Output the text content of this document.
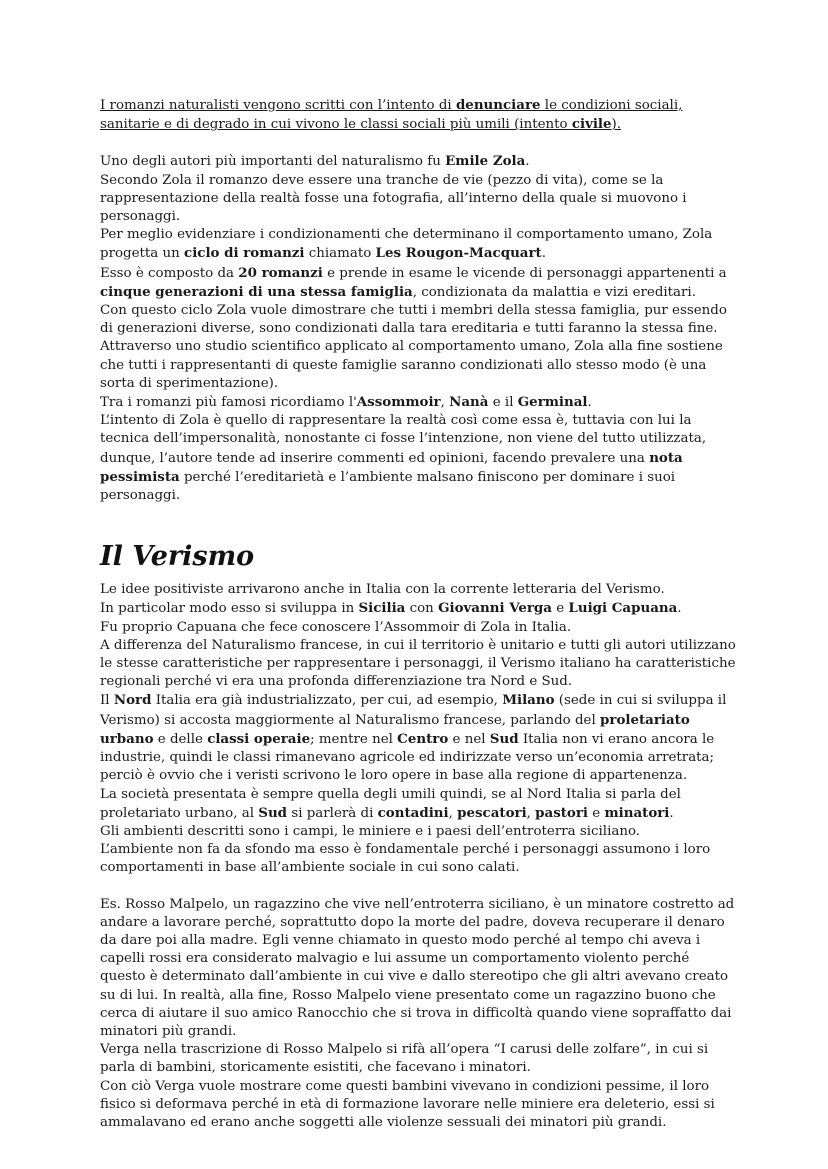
I romanzi naturalisti vengono scritti con l’intento di denunciare le condizioni sociali, sanitarie e di degrado in cui vivono le classi sociali più umili (intento civile).

Uno degli autori più importanti del naturalismo fu Emile Zola.

Secondo Zola il romanzo deve essere una tranche de vie (pezzo di vita), come se la rappresentazione della realtà fosse una fotografia, all’interno della quale si muovono i personaggi.

Per meglio evidenziare i condizionamenti che determinano il comportamento umano, Zola progetta un ciclo di romanzi chiamato Les Rougon-Macquart.

Esso è composto da 20 romanzi e prende in esame le vicende di personaggi appartenenti a cinque generazioni di una stessa famiglia, condizionata da malattia e vizi ereditari.

Con questo ciclo Zola vuole dimostrare che tutti i membri della stessa famiglia, pur essendo di generazioni diverse, sono condizionati dalla tara ereditaria e tutti faranno la stessa fine. Attraverso uno studio scientifico applicato al comportamento umano, Zola alla fine sostiene che tutti i rappresentanti di queste famiglie saranno condizionati allo stesso modo (è una sorta di sperimentazione).

Tra i romanzi più famosi ricordiamo l'Assommoir, Nanà e il Germinal.

L’intento di Zola è quello di rappresentare la realtà così come essa è, tuttavia con lui la tecnica dell’impersonalità, nonostante ci fosse l’intenzione, non viene del tutto utilizzata, dunque, l’autore tende ad inserire commenti ed opinioni, facendo prevalere una nota pessimista perché l’ereditarietà e l’ambiente malsano finiscono per dominare i suoi personaggi.

Il Verismo

Le idee positiviste arrivarono anche in Italia con la corrente letteraria del Verismo.

In particolar modo esso si sviluppa in Sicilia con Giovanni Verga e Luigi Capuana.

Fu proprio Capuana che fece conoscere l’Assommoir di Zola in Italia.

A differenza del Naturalismo francese, in cui il territorio è unitario e tutti gli autori utilizzano le stesse caratteristiche per rappresentare i personaggi, il Verismo italiano ha caratteristiche regionali perché vi era una profonda differenziazione tra Nord e Sud.

Il Nord Italia era già industrializzato, per cui, ad esempio, Milano (sede in cui si sviluppa il Verismo) si accosta maggiormente al Naturalismo francese, parlando del proletariato urbano e delle classi operaie; mentre nel Centro e nel Sud Italia non vi erano ancora le industrie, quindi le classi rimanevano agricole ed indirizzate verso un’economia arretrata; perciò è ovvio che i veristi scrivono le loro opere in base alla regione di appartenenza.

La società presentata è sempre quella degli umili quindi, se al Nord Italia si parla del proletariato urbano, al Sud si parlerà di contadini, pescatori, pastori e minatori.

Gli ambienti descritti sono i campi, le miniere e i paesi dell’entroterra siciliano.

L’ambiente non fa da sfondo ma esso è fondamentale perché i personaggi assumono i loro comportamenti in base all’ambiente sociale in cui sono calati.

Es. Rosso Malpelo, un ragazzino che vive nell’entroterra siciliano, è un minatore costretto ad andare a lavorare perché, soprattutto dopo la morte del padre, doveva recuperare il denaro da dare poi alla madre. Egli venne chiamato in questo modo perché al tempo chi aveva i capelli rossi era considerato malvagio e lui assume un comportamento violento perché questo è determinato dall’ambiente in cui vive e dallo stereotipo che gli altri avevano creato su di lui. In realtà, alla fine, Rosso Malpelo viene presentato come un ragazzino buono che cerca di aiutare il suo amico Ranocchio che si trova in difficoltà quando viene sopraffatto dai minatori più grandi.

Verga nella trascrizione di Rosso Malpelo si rifà all’opera “I carusi delle zolfare”, in cui si parla di bambini, storicamente esistiti, che facevano i minatori.

Con ciò Verga vuole mostrare come questi bambini vivevano in condizioni pessime, il loro fisico si deformava perché in età di formazione lavorare nelle miniere era deleterio, essi si ammalavano ed erano anche soggetti alle violenze sessuali dei minatori più grandi.
